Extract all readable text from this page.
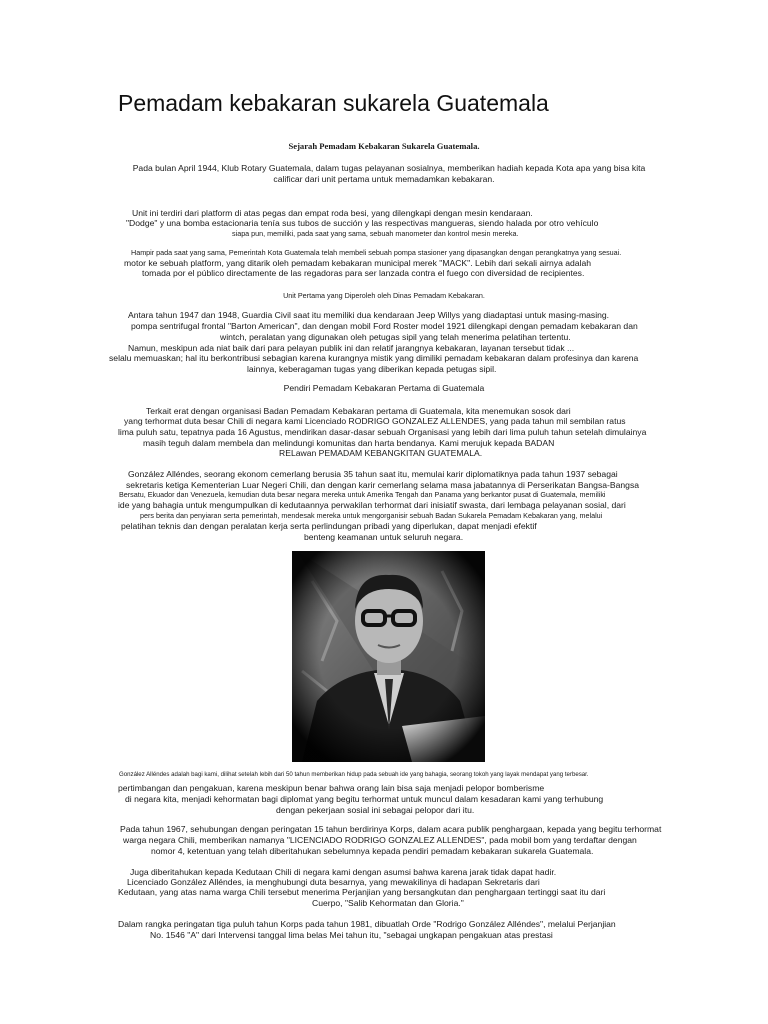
Pemadam kebakaran sukarela Guatemala
Sejarah Pemadam Kebakaran Sukarela Guatemala.
Pada bulan April 1944, Klub Rotary Guatemala, dalam tugas pelayanan sosialnya, memberikan hadiah kepada Kota apa yang bisa kita
calificar dari unit pertama untuk memadamkan kebakaran.
Unit ini terdiri dari platform di atas pegas dan empat roda besi, yang dilengkapi dengan mesin kendaraan.
"Dodge" y una bomba estacionaria tenía sus tubos de succión y las respectivas mangueras, siendo halada por otro vehículo
siapa pun, memiliki, pada saat yang sama, sebuah manometer dan kontrol mesin mereka.
Hampir pada saat yang sama, Pemerintah Kota Guatemala telah membeli sebuah pompa stasioner yang dipasangkan dengan perangkatnya yang sesuai.
motor ke sebuah platform, yang ditarik oleh pemadam kebakaran municipal merek "MACK". Lebih dari sekali airnya adalah
tomada por el público directamente de las regadoras para ser lanzada contra el fuego con diversidad de recipientes.
Unit Pertama yang Diperoleh oleh Dinas Pemadam Kebakaran.
Antara tahun 1947 dan 1948, Guardia Civil saat itu memiliki dua kendaraan Jeep Willys yang diadaptasi untuk masing-masing.
pompa sentrifugal frontal "Barton American", dan dengan mobil Ford Roster model 1921 dilengkapi dengan pemadam kebakaran dan
wintch, peralatan yang digunakan oleh petugas sipil yang telah menerima pelatihan tertentu.
Namun, meskipun ada niat baik dari para pelayan publik ini dan relatif jarangnya kebakaran, layanan tersebut tidak ...
selalu memuaskan; hal itu berkontribusi sebagian karena kurangnya mistik yang dimiliki pemadam kebakaran dalam profesinya dan karena
lainnya, keberagaman tugas yang diberikan kepada petugas sipil.
Pendiri Pemadam Kebakaran Pertama di Guatemala
Terkait erat dengan organisasi Badan Pemadam Kebakaran pertama di Guatemala, kita menemukan sosok dari
yang terhormat duta besar Chili di negara kami Licenciado RODRIGO GONZALEZ ALLENDES, yang pada tahun mil sembilan ratus
lima puluh satu, tepatnya pada 16 Agustus, mendirikan dasar-dasar sebuah Organisasi yang lebih dari lima puluh tahun setelah dimulainya
masih teguh dalam membela dan melindungi komunitas dan harta bendanya. Kami merujuk kepada BADAN
RELawan PEMADAM KEBANGKITAN GUATEMALA.
González Alléndes, seorang ekonom cemerlang berusia 35 tahun saat itu, memulai karir diplomatiknya pada tahun 1937 sebagai
sekretaris ketiga Kementerian Luar Negeri Chili, dan dengan karir cemerlang selama masa jabatannya di Perserikatan Bangsa-Bangsa
Bersatu, Ekuador dan Venezuela, kemudian duta besar negara mereka untuk Amerika Tengah dan Panama yang berkantor pusat di Guatemala, memiliki
ide yang bahagia untuk mengumpulkan di kedutaannya perwakilan terhormat dari inisiatif swasta, dari lembaga pelayanan sosial, dari
pers berita dan penyiaran serta pemerintah, mendesak mereka untuk mengorganisir sebuah Badan Sukarela Pemadam Kebakaran yang, melalui
pelatihan teknis dan dengan peralatan kerja serta perlindungan pribadi yang diperlukan, dapat menjadi efektif
benteng keamanan untuk seluruh negara.
González Alléndes adalah bagi kami, dilihat setelah lebih dari 50 tahun memberikan hidup pada sebuah ide yang bahagia, seorang tokoh yang layak mendapat yang terbesar.
pertimbangan dan pengakuan, karena meskipun benar bahwa orang lain bisa saja menjadi pelopor bomberisme
di negara kita, menjadi kehormatan bagi diplomat yang begitu terhormat untuk muncul dalam kesadaran kami yang terhubung
dengan pekerjaan sosial ini sebagai pelopor dari itu.
Pada tahun 1967, sehubungan dengan peringatan 15 tahun berdirinya Korps, dalam acara publik penghargaan, kepada yang begitu terhormat
warga negara Chili, memberikan namanya "LICENCIADO RODRIGO GONZALEZ ALLENDES", pada mobil bom yang terdaftar dengan
nomor 4, ketentuan yang telah diberitahukan sebelumnya kepada pendiri pemadam kebakaran sukarela Guatemala.
Juga diberitahukan kepada Kedutaan Chili di negara kami dengan asumsi bahwa karena jarak tidak dapat hadir.
Licenciado González Alléndes, ia menghubungi duta besarnya, yang mewakilinya di hadapan Sekretaris dari
Kedutaan, yang atas nama warga Chili tersebut menerima Perjanjian yang bersangkutan dan penghargaan tertinggi saat itu dari
Cuerpo, "Salib Kehormatan dan Gloria."
Dalam rangka peringatan tiga puluh tahun Korps pada tahun 1981, dibuatlah Orde "Rodrigo González Alléndes", melalui Perjanjian
No. 1546 "A" dari Intervensi tanggal lima belas Mei tahun itu, "sebagai ungkapan pengakuan atas prestasi
